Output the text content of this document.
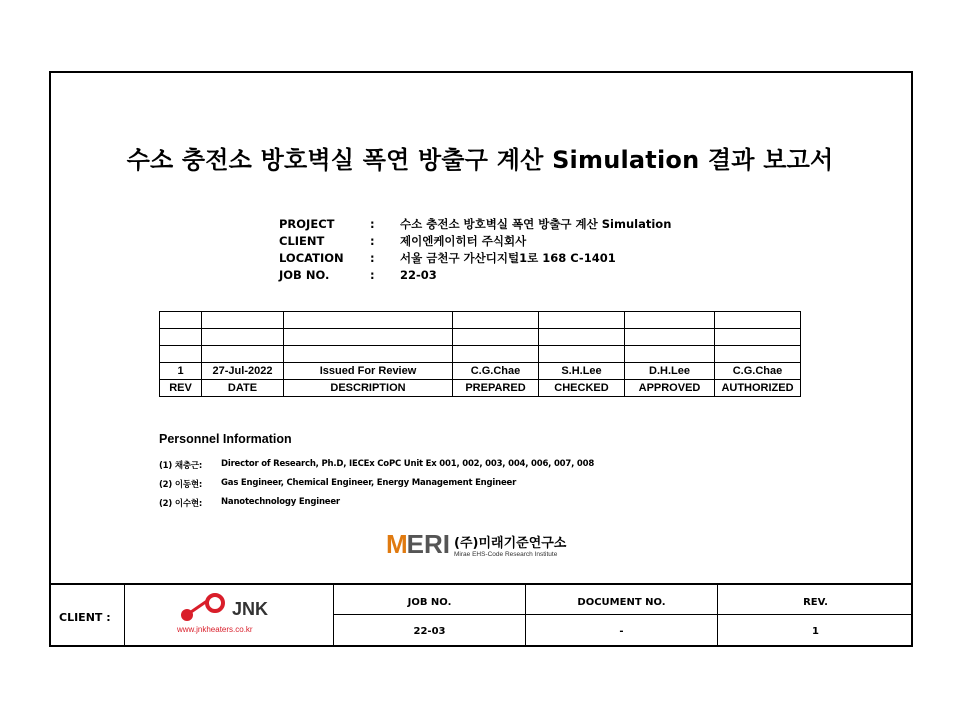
수소 충전소 방호벽실 폭연 방출구 계산 Simulation 결과 보고서
PROJECT	:	수소 충전소 방호벽실 폭연 방출구 계산 Simulation
CLIENT	:	제이엔케이히터 주식회사
LOCATION	:	서울 금천구 가산디지털1로 168 C-1401
JOB NO.	:	22-03

1	27-Jul-2022	Issued For Review	C.G.Chae	S.H.Lee	D.H.Lee	C.G.Chae
REV	DATE	DESCRIPTION	PREPARED	CHECKED	APPROVED	AUTHORIZED
Personnel Information
(1) 채충근:	Director of Research, Ph.D, IECEx CoPC Unit Ex 001, 002, 003, 004, 006, 007, 008
(2) 이동현:	Gas Engineer, Chemical Engineer, Energy Management Engineer
(2) 이수현:	Nanotechnology Engineer
M ERI (주)미래기준연구소
Mirae EHS-Code Research Institute
CLIENT :	JNK
www.jnkheaters.co.kr
JOB NO.	DOCUMENT NO.	REV.
22-03	-	1
